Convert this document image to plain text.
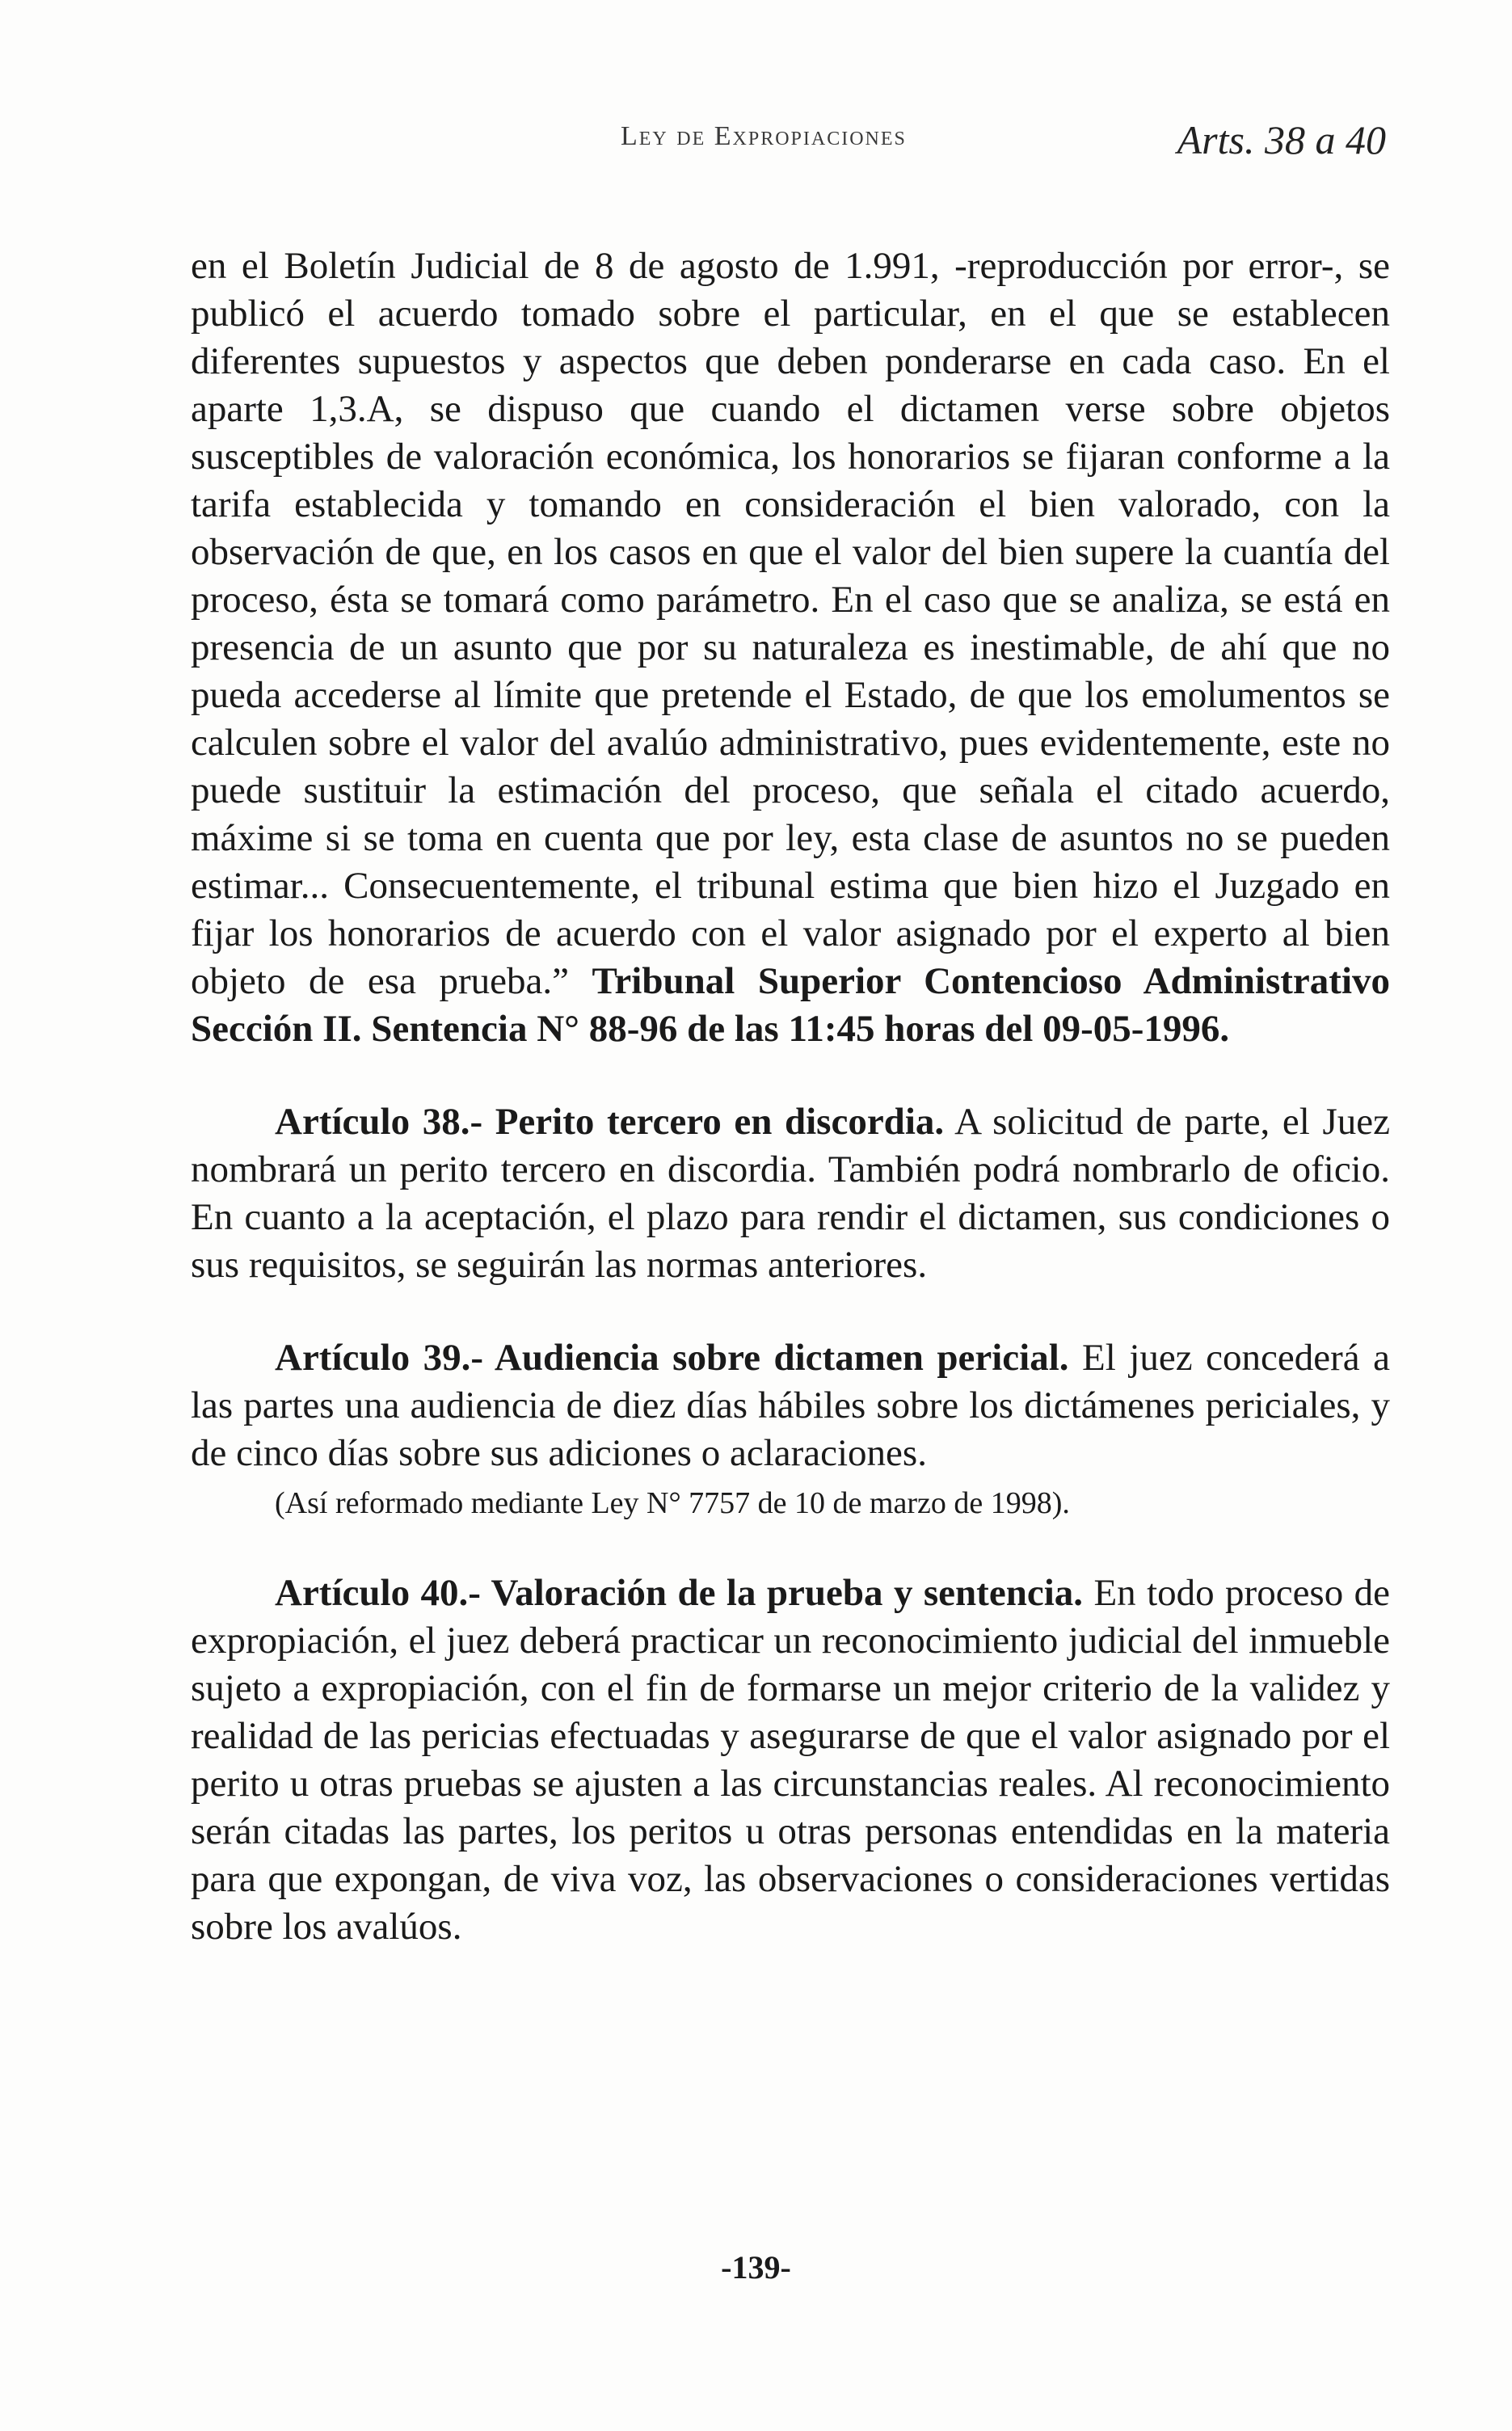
Ley de Expropiaciones	Arts. 38 a 40

en el Boletín Judicial de 8 de agosto de 1.991, -reproducción por error-, se publicó el acuerdo tomado sobre el particular, en el que se establecen diferentes supuestos y aspectos que deben ponderarse en cada caso. En el aparte 1,3.A, se dispuso que cuando el dictamen verse sobre objetos susceptibles de valoración económica, los honorarios se fijaran conforme a la tarifa establecida y tomando en consideración el bien valorado, con la observación de que, en los casos en que el valor del bien supere la cuantía del proceso, ésta se tomará como parámetro. En el caso que se analiza, se está en presencia de un asunto que por su naturaleza es inestimable, de ahí que no pueda accederse al límite que pretende el Estado, de que los emolumentos se calculen sobre el valor del avalúo administrativo, pues evidentemente, este no puede sustituir la estimación del proceso, que señala el citado acuerdo, máxime si se toma en cuenta que por ley, esta clase de asuntos no se pueden estimar... Consecuentemente, el tribunal estima que bien hizo el Juzgado en fijar los honorarios de acuerdo con el valor asignado por el experto al bien objeto de esa prueba.” Tribunal Superior Contencioso Administrativo Sección II. Sentencia N° 88-96 de las 11:45 horas del 09-05-1996.

Artículo 38.- Perito tercero en discordia. A solicitud de parte, el Juez nombrará un perito tercero en discordia. También podrá nombrarlo de oficio. En cuanto a la aceptación, el plazo para rendir el dictamen, sus condiciones o sus requisitos, se seguirán las normas anteriores.

Artículo 39.- Audiencia sobre dictamen pericial. El juez concederá a las partes una audiencia de diez días hábiles sobre los dictámenes periciales, y de cinco días sobre sus adiciones o aclaraciones.

(Así reformado mediante Ley N° 7757 de 10 de marzo de 1998).

Artículo 40.- Valoración de la prueba y sentencia. En todo proceso de expropiación, el juez deberá practicar un reconocimiento judicial del inmueble sujeto a expropiación, con el fin de formarse un mejor criterio de la validez y realidad de las pericias efectuadas y asegurarse de que el valor asignado por el perito u otras pruebas se ajusten a las circunstancias reales. Al reconocimiento serán citadas las partes, los peritos u otras personas entendidas en la materia para que expongan, de viva voz, las observaciones o consideraciones vertidas sobre los avalúos.

-139-
